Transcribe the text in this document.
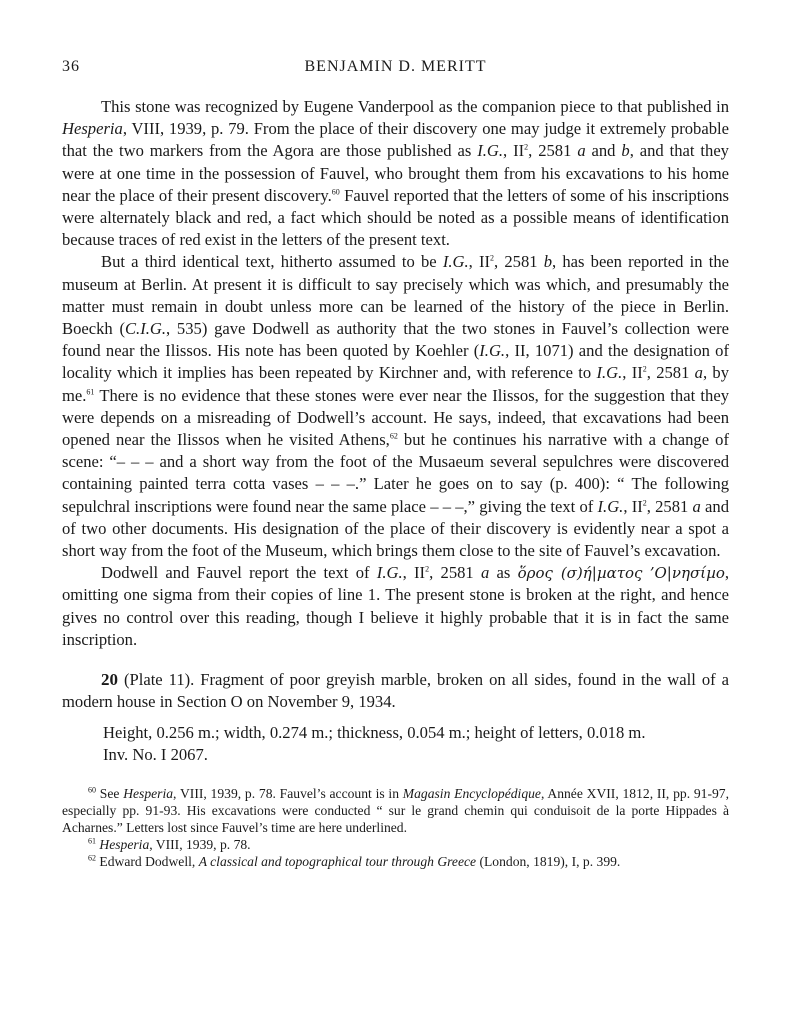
36	BENJAMIN D. MERITT

This stone was recognized by Eugene Vanderpool as the companion piece to that published in Hesperia, VIII, 1939, p. 79. From the place of their discovery one may judge it extremely probable that the two markers from the Agora are those published as I.G., $II^2$, 2581 a and b, and that they were at one time in the possession of Fauvel, who brought them from his excavations to his home near the place of their present discovery.$^{60}$ Fauvel reported that the letters of some of his inscriptions were alternately black and red, a fact which should be noted as a possible means of identification because traces of red exist in the letters of the present text.

But a third identical text, hitherto assumed to be I.G., $II^2$, 2581 b, has been reported in the museum at Berlin. At present it is difficult to say precisely which was which, and presumably the matter must remain in doubt unless more can be learned of the history of the piece in Berlin. Boeckh (C.I.G., 535) gave Dodwell as authority that the two stones in Fauvel’s collection were found near the Ilissos. His note has been quoted by Koehler (I.G., II, 1071) and the designation of locality which it implies has been repeated by Kirchner and, with reference to I.G., $II^2$, 2581 a, by me.$^{61}$ There is no evidence that these stones were ever near the Ilissos, for the suggestion that they were depends on a misreading of Dodwell’s account. He says, indeed, that excavations had been opened near the Ilissos when he visited Athens,$^{62}$ but he continues his narrative with a change of scene: “– – – and a short way from the foot of the Musaeum several sepulchres were discovered containing painted terra cotta vases – – –.” Later he goes on to say (p. 400): “ The following sepulchral inscriptions were found near the same place – – –,” giving the text of I.G., $II^2$, 2581 a and of two other documents. His designation of the place of their discovery is evidently near a spot a short way from the foot of the Museum, which brings them close to the site of Fauvel’s excavation.

Dodwell and Fauvel report the text of I.G., $II^2$, 2581 a as ὅρος (σ)ή|µατος ’Ο|νησίµο, omitting one sigma from their copies of line 1. The present stone is broken at the right, and hence gives no control over this reading, though I believe it highly probable that it is in fact the same inscription.

20 (Plate 11). Fragment of poor greyish marble, broken on all sides, found in the wall of a modern house in Section O on November 9, 1934.

Height, 0.256 m.; width, 0.274 m.; thickness, 0.054 m.; height of letters, 0.018 m.
Inv. No. I 2067.

$^{60}$ See Hesperia, VIII, 1939, p. 78. Fauvel’s account is in Magasin Encyclopédique, Année XVII, 1812, II, pp. 91-97, especially pp. 91-93. His excavations were conducted “ sur le grand chemin qui conduisoit de la porte Hippades à Acharnes.” Letters lost since Fauvel’s time are here underlined.

$^{61}$ Hesperia, VIII, 1939, p. 78.

$^{62}$ Edward Dodwell, A classical and topographical tour through Greece (London, 1819), I, p. 399.
